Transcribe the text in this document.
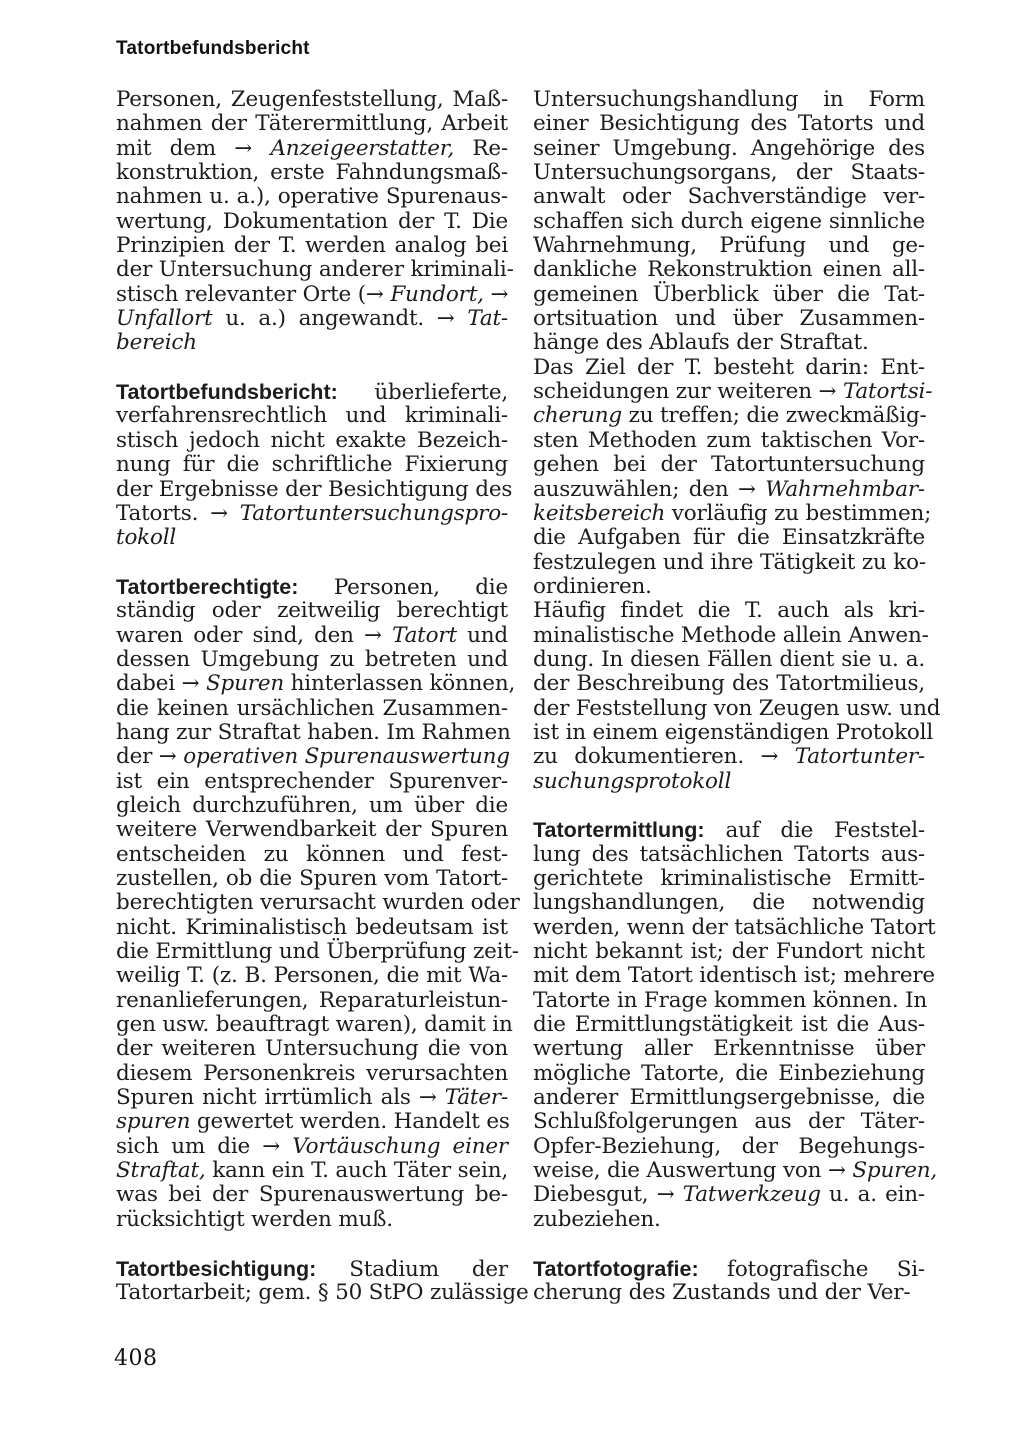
Tatortbefundsbericht
Personen, Zeugenfeststellung, Maß-
nahmen der Täterermittlung, Arbeit
mit dem → Anzeigeerstatter, Re-
konstruktion, erste Fahndungsmaß-
nahmen u. a.), operative Spurenaus-
wertung, Dokumentation der T. Die
Prinzipien der T. werden analog bei
der Untersuchung anderer kriminali-
stisch relevanter Orte (→ Fundort, →
Unfallort u. a.) angewandt. → Tat-
bereich
Tatortbefundsbericht: überlieferte,
verfahrensrechtlich und kriminali-
stisch jedoch nicht exakte Bezeich-
nung für die schriftliche Fixierung
der Ergebnisse der Besichtigung des
Tatorts. → Tatortuntersuchungspro-
tokoll
Tatortberechtigte: Personen, die
ständig oder zeitweilig berechtigt
waren oder sind, den → Tatort und
dessen Umgebung zu betreten und
dabei → Spuren hinterlassen können,
die keinen ursächlichen Zusammen-
hang zur Straftat haben. Im Rahmen
der → operativen Spurenauswertung
ist ein entsprechender Spurenver-
gleich durchzuführen, um über die
weitere Verwendbarkeit der Spuren
entscheiden zu können und fest-
zustellen, ob die Spuren vom Tatort-
berechtigten verursacht wurden oder
nicht. Kriminalistisch bedeutsam ist
die Ermittlung und Überprüfung zeit-
weilig T. (z. B. Personen, die mit Wa-
renanlieferungen, Reparaturleistun-
gen usw. beauftragt waren), damit in
der weiteren Untersuchung die von
diesem Personenkreis verursachten
Spuren nicht irrtümlich als → Täter-
spuren gewertet werden. Handelt es
sich um die → Vortäuschung einer
Straftat, kann ein T. auch Täter sein,
was bei der Spurenauswertung be-
rücksichtigt werden muß.
Tatortbesichtigung: Stadium der
Tatortarbeit; gem. § 50 StPO zulässige
Untersuchungshandlung in Form
einer Besichtigung des Tatorts und
seiner Umgebung. Angehörige des
Untersuchungsorgans, der Staats-
anwalt oder Sachverständige ver-
schaffen sich durch eigene sinnliche
Wahrnehmung, Prüfung und ge-
dankliche Rekonstruktion einen all-
gemeinen Überblick über die Tat-
ortsituation und über Zusammen-
hänge des Ablaufs der Straftat.
Das Ziel der T. besteht darin: Ent-
scheidungen zur weiteren → Tatortsi-
cherung zu treffen; die zweckmäßig-
sten Methoden zum taktischen Vor-
gehen bei der Tatortuntersuchung
auszuwählen; den → Wahrnehmbar-
keitsbereich vorläufig zu bestimmen;
die Aufgaben für die Einsatzkräfte
festzulegen und ihre Tätigkeit zu ko-
ordinieren.
Häufig findet die T. auch als kri-
minalistische Methode allein Anwen-
dung. In diesen Fällen dient sie u. a.
der Beschreibung des Tatortmilieus,
der Feststellung von Zeugen usw. und
ist in einem eigenständigen Protokoll
zu dokumentieren. → Tatortunter-
suchungsprotokoll
Tatortermittlung: auf die Feststel-
lung des tatsächlichen Tatorts aus-
gerichtete kriminalistische Ermitt-
lungshandlungen, die notwendig
werden, wenn der tatsächliche Tatort
nicht bekannt ist; der Fundort nicht
mit dem Tatort identisch ist; mehrere
Tatorte in Frage kommen können. In
die Ermittlungstätigkeit ist die Aus-
wertung aller Erkenntnisse über
mögliche Tatorte, die Einbeziehung
anderer Ermittlungsergebnisse, die
Schlußfolgerungen aus der Täter-
Opfer-Beziehung, der Begehungs-
weise, die Auswertung von → Spuren,
Diebesgut, → Tatwerkzeug u. a. ein-
zubeziehen.
Tatortfotografie: fotografische Si-
cherung des Zustands und der Ver-
408
